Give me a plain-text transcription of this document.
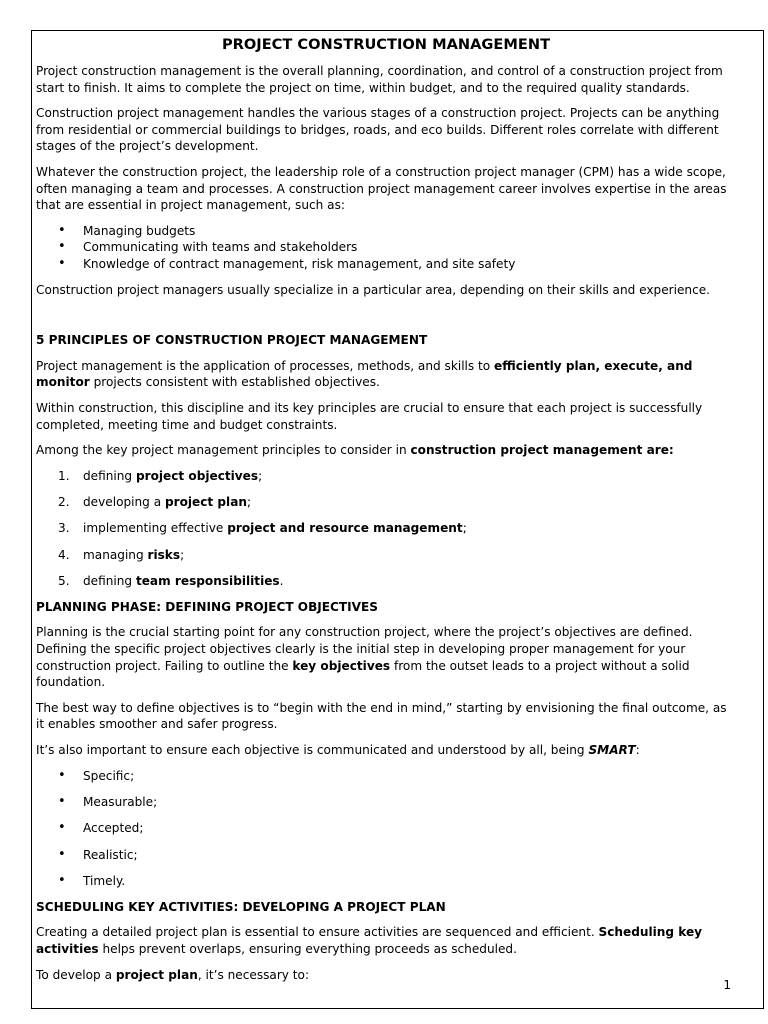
PROJECT CONSTRUCTION MANAGEMENT

Project construction management is the overall planning, coordination, and control of a construction project from start to finish. It aims to complete the project on time, within budget, and to the required quality standards.

Construction project management handles the various stages of a construction project. Projects can be anything from residential or commercial buildings to bridges, roads, and eco builds. Different roles correlate with different stages of the project’s development.

Whatever the construction project, the leadership role of a construction project manager (CPM) has a wide scope, often managing a team and processes. A construction project management career involves expertise in the areas that are essential in project management, such as:

• Managing budgets
• Communicating with teams and stakeholders
• Knowledge of contract management, risk management, and site safety

Construction project managers usually specialize in a particular area, depending on their skills and experience.

5 PRINCIPLES OF CONSTRUCTION PROJECT MANAGEMENT

Project management is the application of processes, methods, and skills to efficiently plan, execute, and monitor projects consistent with established objectives.

Within construction, this discipline and its key principles are crucial to ensure that each project is successfully completed, meeting time and budget constraints.

Among the key project management principles to consider in construction project management are:

1. defining project objectives;
2. developing a project plan;
3. implementing effective project and resource management;
4. managing risks;
5. defining team responsibilities.
PLANNING PHASE: DEFINING PROJECT OBJECTIVES

Planning is the crucial starting point for any construction project, where the project’s objectives are defined. Defining the specific project objectives clearly is the initial step in developing proper management for your construction project. Failing to outline the key objectives from the outset leads to a project without a solid foundation.

The best way to define objectives is to “begin with the end in mind,” starting by envisioning the final outcome, as it enables smoother and safer progress.

It’s also important to ensure each objective is communicated and understood by all, being SMART:

• Specific;
• Measurable;
• Accepted;
• Realistic;
• Timely.
SCHEDULING KEY ACTIVITIES: DEVELOPING A PROJECT PLAN

Creating a detailed project plan is essential to ensure activities are sequenced and efficient. Scheduling key activities helps prevent overlaps, ensuring everything proceeds as scheduled.

To develop a project plan, it’s necessary to:

1
